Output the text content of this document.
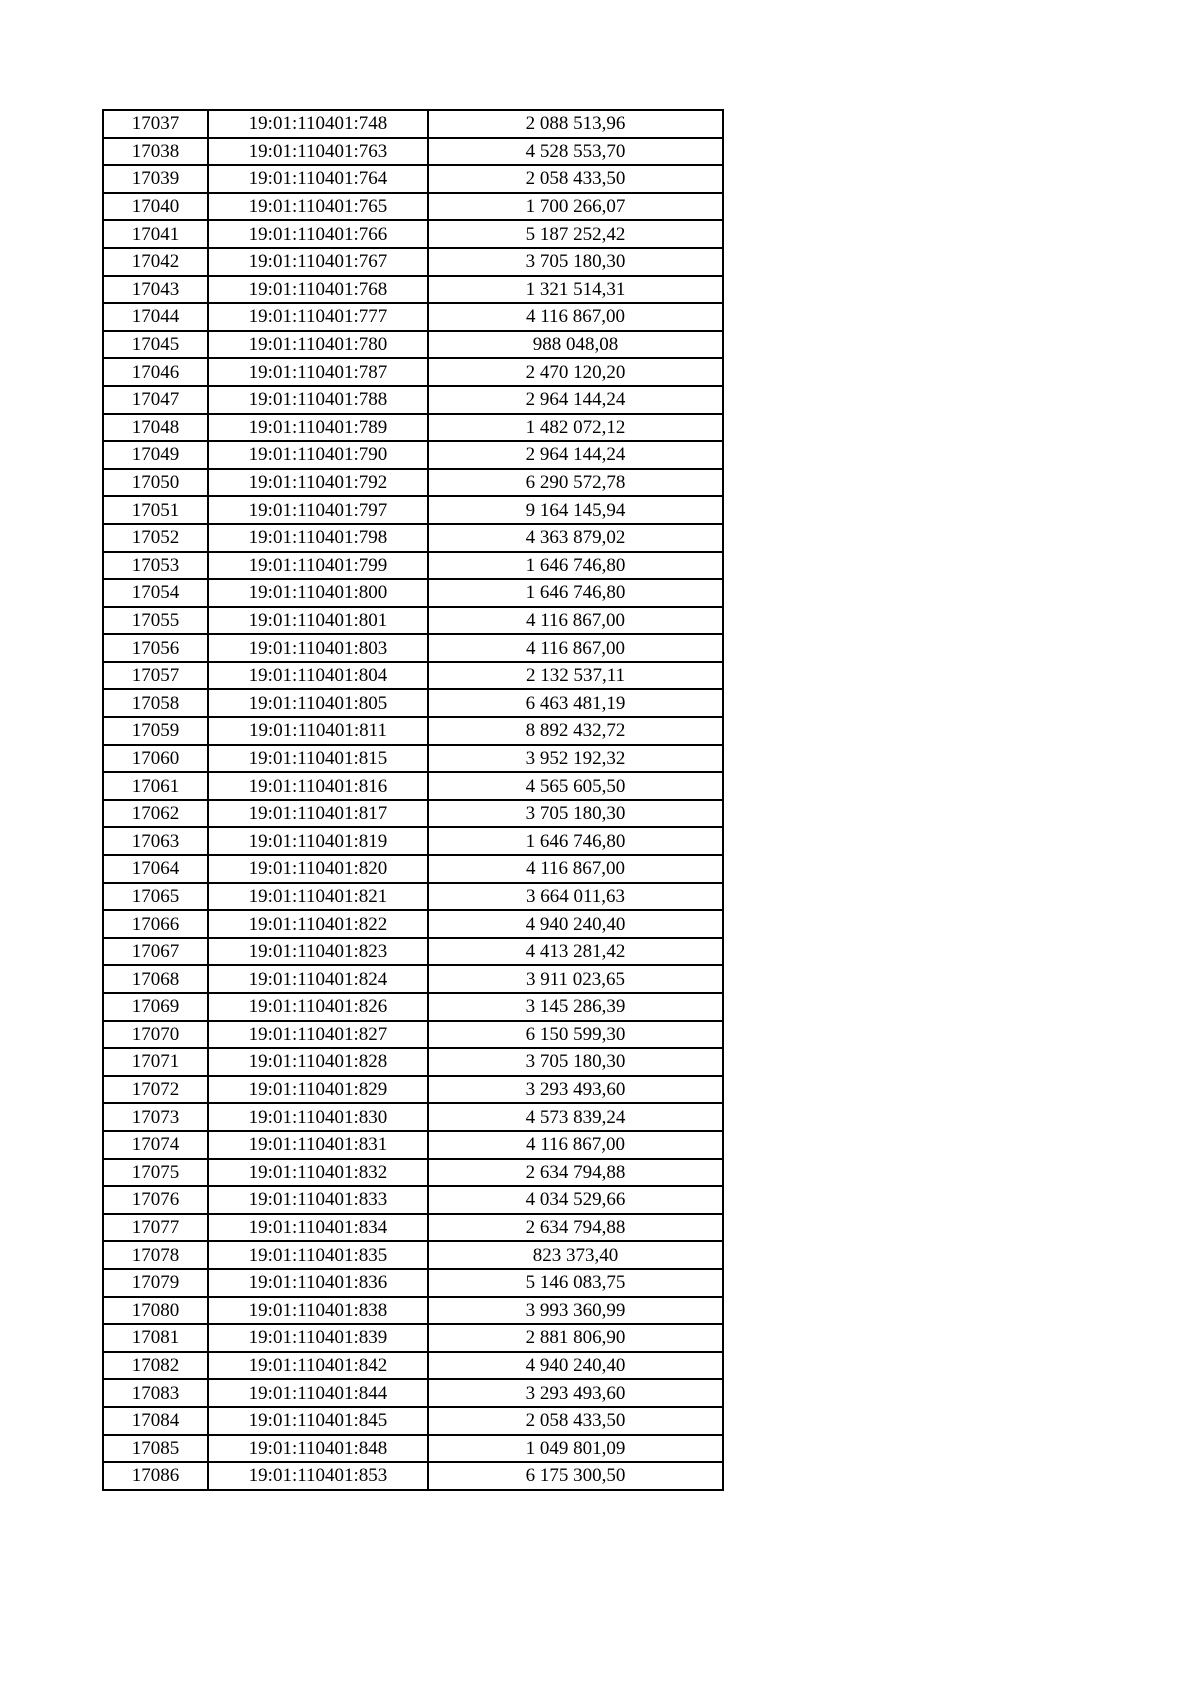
17037	19:01:110401:748	2 088 513,96
17038	19:01:110401:763	4 528 553,70
17039	19:01:110401:764	2 058 433,50
17040	19:01:110401:765	1 700 266,07
17041	19:01:110401:766	5 187 252,42
17042	19:01:110401:767	3 705 180,30
17043	19:01:110401:768	1 321 514,31
17044	19:01:110401:777	4 116 867,00
17045	19:01:110401:780	988 048,08
17046	19:01:110401:787	2 470 120,20
17047	19:01:110401:788	2 964 144,24
17048	19:01:110401:789	1 482 072,12
17049	19:01:110401:790	2 964 144,24
17050	19:01:110401:792	6 290 572,78
17051	19:01:110401:797	9 164 145,94
17052	19:01:110401:798	4 363 879,02
17053	19:01:110401:799	1 646 746,80
17054	19:01:110401:800	1 646 746,80
17055	19:01:110401:801	4 116 867,00
17056	19:01:110401:803	4 116 867,00
17057	19:01:110401:804	2 132 537,11
17058	19:01:110401:805	6 463 481,19
17059	19:01:110401:811	8 892 432,72
17060	19:01:110401:815	3 952 192,32
17061	19:01:110401:816	4 565 605,50
17062	19:01:110401:817	3 705 180,30
17063	19:01:110401:819	1 646 746,80
17064	19:01:110401:820	4 116 867,00
17065	19:01:110401:821	3 664 011,63
17066	19:01:110401:822	4 940 240,40
17067	19:01:110401:823	4 413 281,42
17068	19:01:110401:824	3 911 023,65
17069	19:01:110401:826	3 145 286,39
17070	19:01:110401:827	6 150 599,30
17071	19:01:110401:828	3 705 180,30
17072	19:01:110401:829	3 293 493,60
17073	19:01:110401:830	4 573 839,24
17074	19:01:110401:831	4 116 867,00
17075	19:01:110401:832	2 634 794,88
17076	19:01:110401:833	4 034 529,66
17077	19:01:110401:834	2 634 794,88
17078	19:01:110401:835	823 373,40
17079	19:01:110401:836	5 146 083,75
17080	19:01:110401:838	3 993 360,99
17081	19:01:110401:839	2 881 806,90
17082	19:01:110401:842	4 940 240,40
17083	19:01:110401:844	3 293 493,60
17084	19:01:110401:845	2 058 433,50
17085	19:01:110401:848	1 049 801,09
17086	19:01:110401:853	6 175 300,50
